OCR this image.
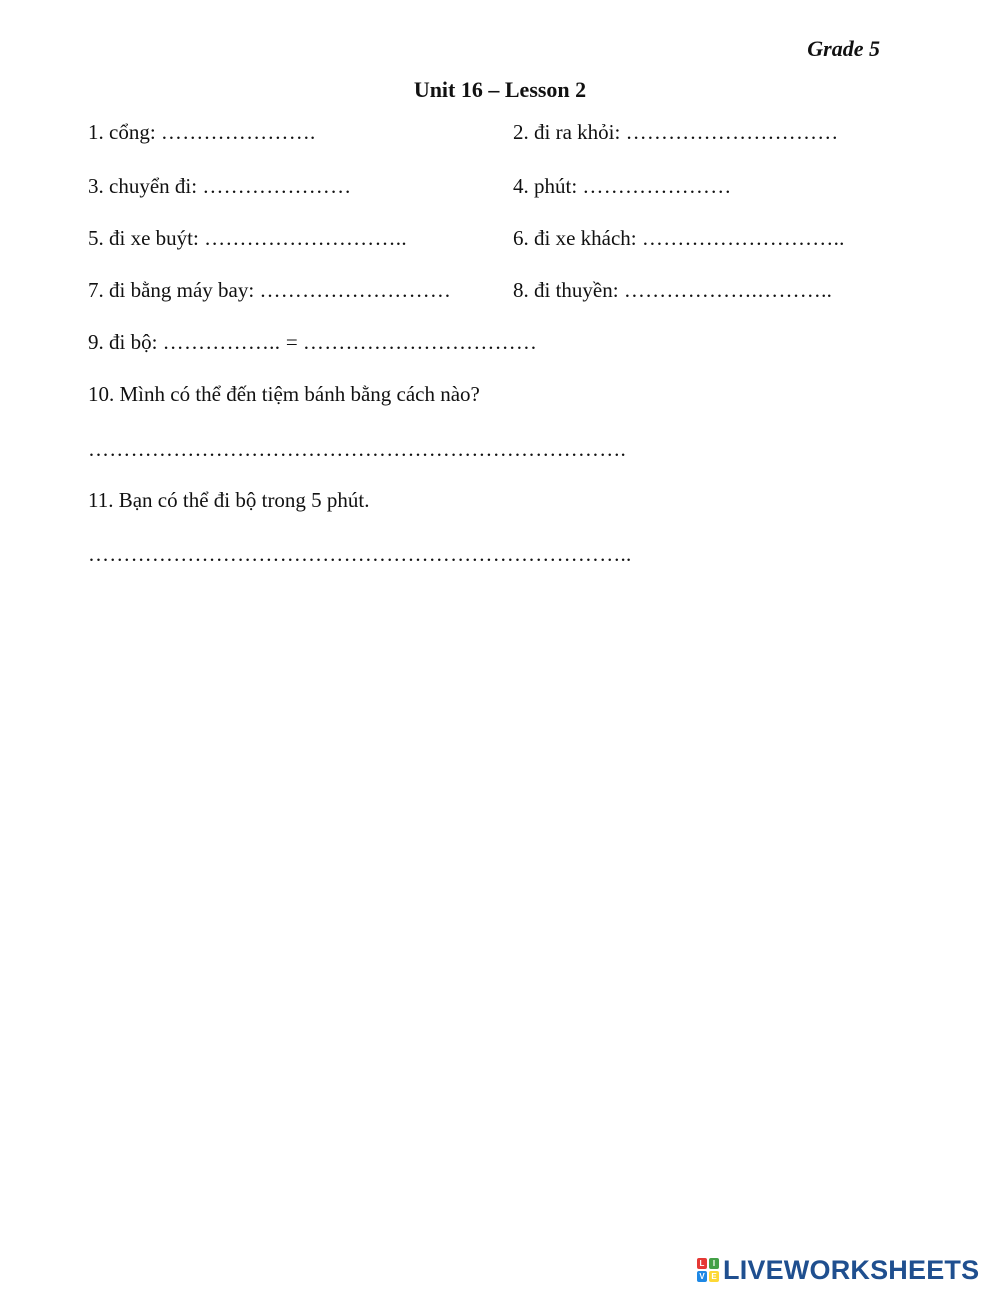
Grade 5
Unit 16 – Lesson 2
1. cổng: ………………….	2. đi ra khỏi: …………………………
3. chuyển đi: …………………	4. phút: …………………
5. đi xe buýt: ………………………..	6. đi xe khách: ………………………..
7. đi bằng máy bay: ………………………	8. đi thuyền: ……………….………..
9. đi bộ: …………….. = ……………………………
10. Mình có thể đến tiệm bánh bằng cách nào?
………………………………………………………………….
11. Bạn có thể đi bộ trong 5 phút.
…………………………………………………………………..
L	I
V E LIVEWORKSHEETS
